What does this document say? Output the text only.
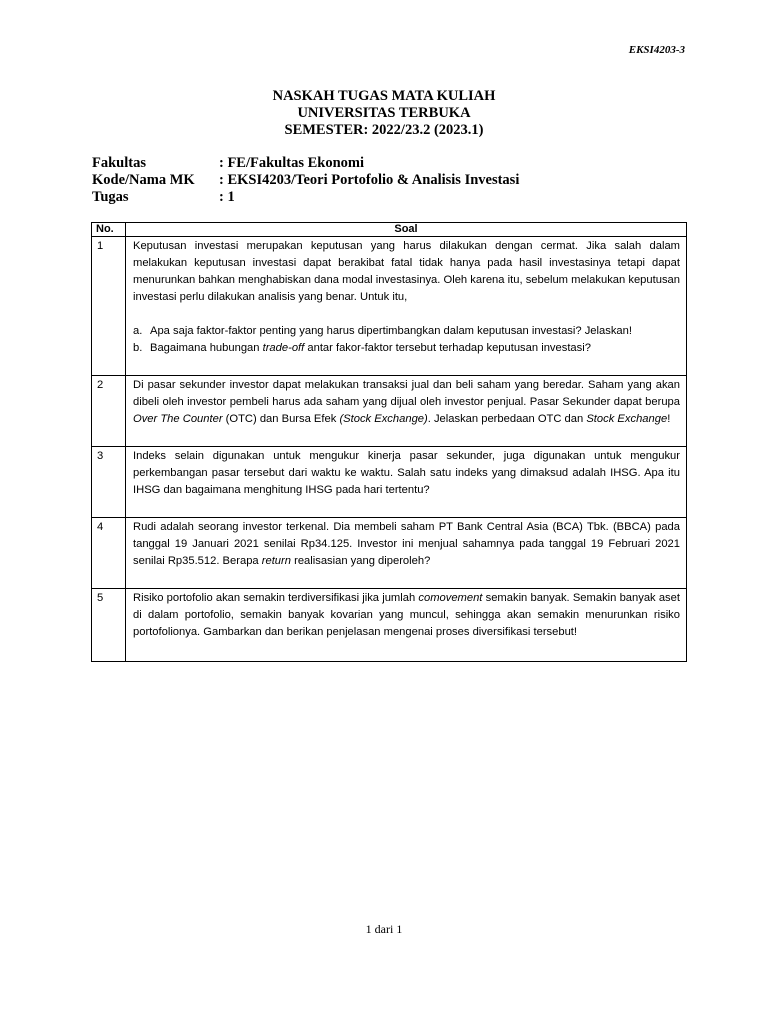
EKSI4203-3
NASKAH TUGAS MATA KULIAH
UNIVERSITAS TERBUKA
SEMESTER: 2022/23.2 (2023.1)
Fakultas	: FE/Fakultas Ekonomi
Kode/Nama MK	: EKSI4203/Teori Portofolio & Analisis Investasi
Tugas	: 1
No.	Soal
1	Keputusan investasi merupakan keputusan yang harus dilakukan dengan cermat. Jika salah dalam melakukan keputusan investasi dapat berakibat fatal tidak hanya pada hasil investasinya tetapi dapat menurunkan bahkan menghabiskan dana modal investasinya. Oleh karena itu, sebelum melakukan keputusan investasi perlu dilakukan analisis yang benar. Untuk itu,

a. Apa saja faktor-faktor penting yang harus dipertimbangkan dalam keputusan investasi? Jelaskan!
b. Bagaimana hubungan trade-off antar fakor-faktor tersebut terhadap keputusan investasi?

2	Di pasar sekunder investor dapat melakukan transaksi jual dan beli saham yang beredar. Saham yang akan dibeli oleh investor pembeli harus ada saham yang dijual oleh investor penjual. Pasar Sekunder dapat berupa Over The Counter (OTC) dan Bursa Efek (Stock Exchange). Jelaskan perbedaan OTC dan Stock Exchange!

3	Indeks selain digunakan untuk mengukur kinerja pasar sekunder, juga digunakan untuk mengukur perkembangan pasar tersebut dari waktu ke waktu. Salah satu indeks yang dimaksud adalah IHSG. Apa itu IHSG dan bagaimana menghitung IHSG pada hari tertentu?

4	Rudi adalah seorang investor terkenal. Dia membeli saham PT Bank Central Asia (BCA) Tbk. (BBCA) pada tanggal 19 Januari 2021 senilai Rp34.125. Investor ini menjual sahamnya pada tanggal 19 Februari 2021 senilai Rp35.512. Berapa return realisasian yang diperoleh?

5	Risiko portofolio akan semakin terdiversifikasi jika jumlah comovement semakin banyak. Semakin banyak aset di dalam portofolio, semakin banyak kovarian yang muncul, sehingga akan semakin menurunkan risiko portofolionya. Gambarkan dan berikan penjelasan mengenai proses diversifikasi tersebut!

1 dari 1
